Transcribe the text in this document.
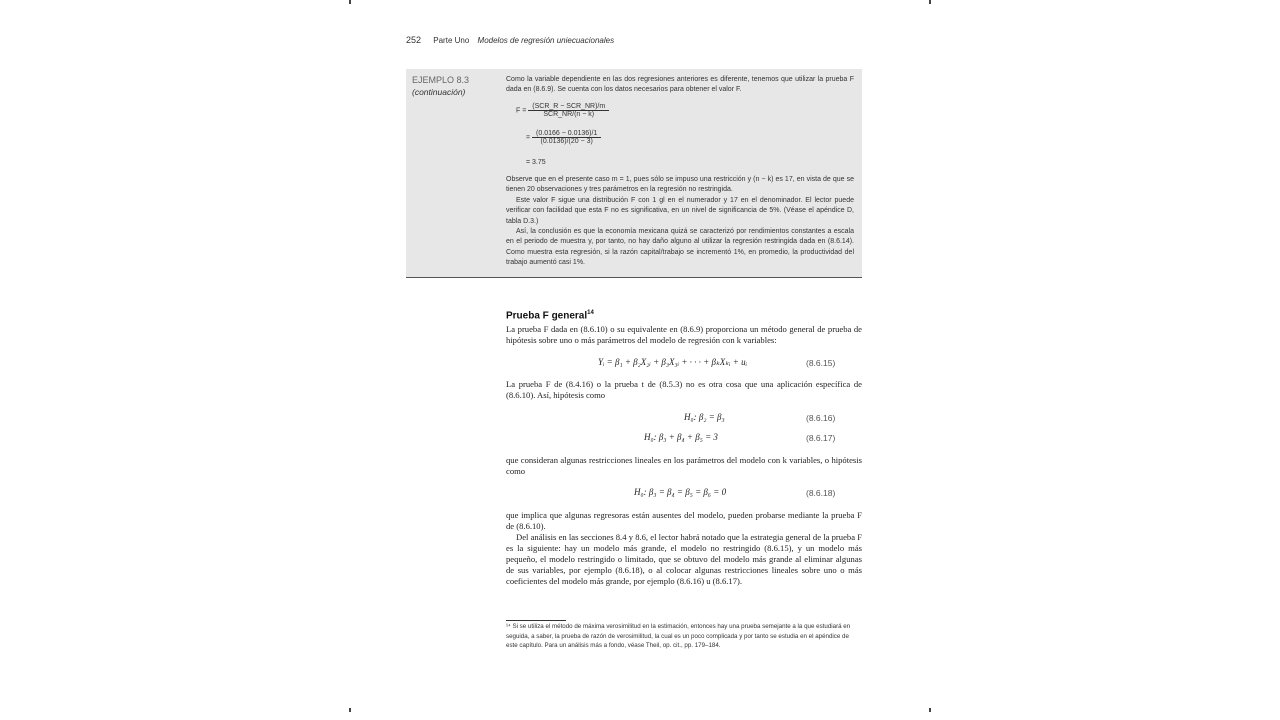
252 Parte Uno Modelos de regresión uniecuacionales
EJEMPLO 8.3
(continuación)

Como la variable dependiente en las dos regresiones anteriores es diferente, tenemos que utilizar la prueba F dada en (8.6.9). Se cuenta con los datos necesarios para obtener el valor F.

$F = \frac{\text{(SCR\_R − SCR\_NR)/m}}{\text{SCR\_NR/(n − k)}}$
= $\frac{(0.0166 - 0.0136)/1}{(0.0136)/(20 - 3)}$
= 3.75

Observe que en el presente caso m = 1, pues sólo se impuso una restricción y (n − k) es 17, en vista de que se tienen 20 observaciones y tres parámetros en la regresión no restringida.

Este valor F sigue una distribución F con 1 gl en el numerador y 17 en el denominador. El lector puede verificar con facilidad que esta F no es significativa, en un nivel de significancia de 5%. (Véase el apéndice D, tabla D.3.)

Así, la conclusión es que la economía mexicana quizá se caracterizó por rendimientos constantes a escala en el periodo de muestra y, por tanto, no hay daño alguno al utilizar la regresión restringida dada en (8.6.14). Como muestra esta regresión, si la razón capital/trabajo se incrementó 1%, en promedio, la productividad del trabajo aumentó casi 1%.

Prueba F general$^{14}$

La prueba F dada en (8.6.10) o su equivalente en (8.6.9) proporciona un método general de prueba de hipótesis sobre uno o más parámetros del modelo de regresión con k variables:

Yᵢ = β₁ + β₂X₂ᵢ + β₃X₃ᵢ + · · · + βₖXₖᵢ + uᵢ	(8.6.15)

La prueba F de (8.4.16) o la prueba t de (8.5.3) no es otra cosa que una aplicación específica de (8.6.10). Así, hipótesis como

H₀: β₂ = β₃	(8.6.16)
H₀: β₃ + β₄ + β₅ = 3	(8.6.17)

que consideran algunas restricciones lineales en los parámetros del modelo con k variables, o hipótesis como

H₀: β₃ = β₄ = β₅ = β₆ = 0	(8.6.18)

que implica que algunas regresoras están ausentes del modelo, pueden probarse mediante la prueba F de (8.6.10).

Del análisis en las secciones 8.4 y 8.6, el lector habrá notado que la estrategia general de la prueba F es la siguiente: hay un modelo más grande, el modelo no restringido (8.6.15), y un modelo más pequeño, el modelo restringido o limitado, que se obtuvo del modelo más grande al eliminar algunas de sus variables, por ejemplo (8.6.18), o al colocar algunas restricciones lineales sobre uno o más coeficientes del modelo más grande, por ejemplo (8.6.16) u (8.6.17).

¹⁴ Si se utiliza el método de máxima verosimilitud en la estimación, entonces hay una prueba semejante a la que estudiará en seguida, a saber, la prueba de razón de verosimilitud, la cual es un poco complicada y por tanto se estudia en el apéndice de este capítulo. Para un análisis más a fondo, véase Theil, op. cit., pp. 179–184.
